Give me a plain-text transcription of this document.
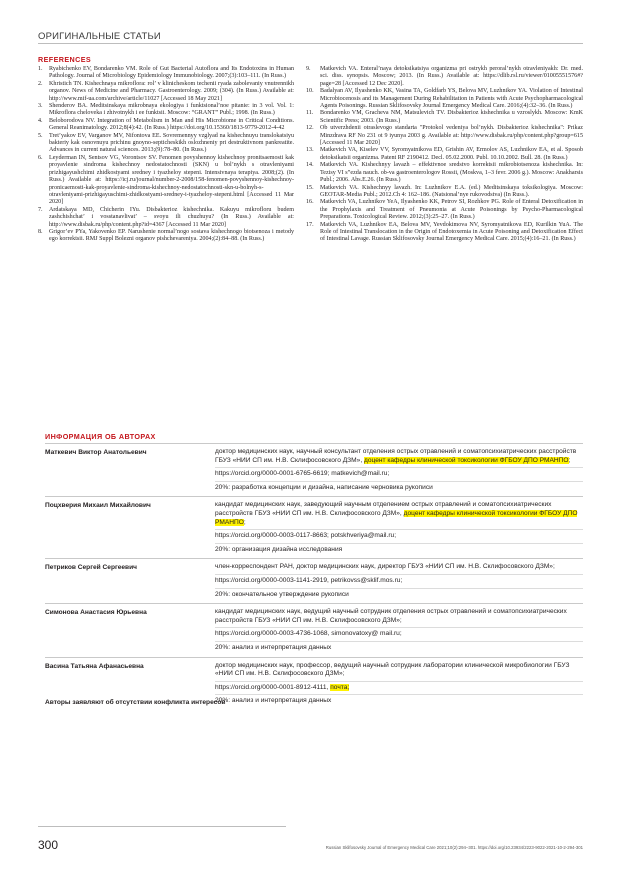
ОРИГИНАЛЬНЫЕ СТАТЬИ
REFERENCES
1.	Ryabichenko EV, Bondarenko VM. Role of Gut Bacterial Autoflora and Its Endotoxins in Human Pathology. Journal of Microbiology Epidemiology Immunobiology. 2007;(3):103–111. (In Russ.)
2.	Khristich TN. Kishechnaya mikroflora: rol’ v klinicheskom techenii ryada zabolevaniy vnutrennikh organov. News of Medicine and Pharmacy. Gastroenterology. 2009; (304). (In Russ.) Available at: http://www.mif-ua.com/archive/article/11027 [Accessed 18 May 2021]
3.	Shenderov BA. Meditsinskaya mikrobnaya ekologiya i funktsional’noe pitanie: in 3 vol. Vol. 1: Mikroflora cheloveka i zhivotnykh i ee funktsii. Moscow: “GRANT” Publ.; 1998. (In Russ.)
4.	Beloborodova NV. Integration of Metabolism in Man and His Microbiome in Critical Conditions. General Reanimatology. 2012;8(4):42. (In Russ.) https://doi.org/10.15360/1813-9779-2012-4-42
5.	Tret’yakov EV, Varganov MV, Nifontova EE. Sovremennyy vzglyad na kishechnuyu translokatsiyu bakteriy kak osnovnuyu prichinu gnoyno-septicheskikh oslozhneniy pri destruktivnom pankreatite. Advances in current natural sciences. 2013;(9):78–80. (In Russ.)
6.	Leyderman IN, Sentsov VG, Vorontsov SV. Fenomen povyshennoy kishechnoy pronitsaemosti kak proyavlenie sindroma kishechnoy nedostatochnosti (SKN) u bol’nykh s otravleniyami prizhigayushchimi zhidkostyami sredney i tyazheloy stepeni. Intensivnaya terapiya. 2008;(2). (In Russ.) Available at: https://icj.ru/journal/number-2-2008/158-fenomen-povyshennoy-kishechnoy-pronicaemosti-kak-proyavlenie-sindroma-kishechnoy-nedostatochnosti-skn-u-bolnyh-s-otravleniyami-prizhigayuschimi-zhidkostyami-sredney-i-tyazheloy-stepeni.html [Accessed 11 Mar 2020]
7.	Ardatskaya MD, Chicherin IYu. Disbakterioz kishechnika. Kakuyu mikrofloru budem zashchishchat’ i vosstanavlivat’ – svoyu ili chuzhuyu? (In Russ.) Available at: http://www.disbak.ru/php/content.php?id=4367 [Accessed 11 Mar 2020]
8.	Grigor’ev PYa, Yakovenko EP. Narushenie normal’nogo sostava kishechnogo biotsenoza i metody ego korrektsii. RMJ Suppl Bolezni organov pishchevareniya. 2004;(2):84–88. (In Russ.)
9.	Matkevich VA. Enteral’naya detoksikatsiya organizma pri ostrykh peroral’nykh otravleniyakh: Dr. med. sci. diss. synopsis. Moscow; 2013. (In Russ.) Available at: https://dlib.rsl.ru/viewer/01005551576#?page=28 [Accessed 12 Dec 2020].
10.	Badalyan AV, Ilyashenko KK, Vasina TA, Goldfarb YS, Belova MV, Luzhnikov YA. Violation of Intestinal Microbiocenosis and its Management During Rehabilitation in Patients with Acute Psychopharmacological Agents Poisonings. Russian Sklifosovsky Journal Emergency Medical Care. 2016;(4):32–36. (In Russ.)
11.	Bondarenko VM, Gracheva NM, Matsulevich TV. Disbakterioz kishechnika u vzroslykh. Moscow: KmK Scientific Press; 2003. (In Russ.)
12.	Ob utverzhdenii otraslevogo standarta "Protokol vedeniya bol’nykh. Disbakterioz kishechnika": Prikaz Minzdrava RF No 231 ot 9 iyunya 2003 g. Available at: http://www.disbak.ru/php/content.php?group=615 [Accessed 11 Mar 2020]
13.	Matkevich VA, Kiselev VV, Syromyatnikova ED, Grishin AV, Ermolov AS, Luzhnikov EA, et al. Sposob detoksikatsii organizma. Patent RF 2190412. Decl. 05.02.2000. Publ. 10.10.2002. Bull. 28. (In Russ.)
14.	Matkevich VA. Kishechnyy lavazh – effektivnoe sredstvo korrektsii mikrobiotsenoza kishechnika. In: Tezisy VI s”ezda nauch. ob-va gastroenterologov Rossii, (Moskva, 1–3 fevr. 2006 g.). Moscow: Anakharsis Publ.; 2006. Abs.E.26. (In Russ.)
15.	Matkevich VA. Kishechnyy lavazh. In: Luzhnikov E.A. (ed.) Meditsinskaya toksikologiya. Moscow: GEOTAR-Media Publ.; 2012.Ch 4: 162–186. (Natsional’nye rukovodstva) (In Russ.).
16.	Matkevich VA, Luzhnikov YeA, Ilyashenko KK, Petrov SI, Rozhkov PG. Role of Enteral Detoxification in the Prophylaxis and Treatment of Pneumonia at Acute Poisonings by Psycho-Pharmacological Preparations. Toxicological Review. 2012;(3):25–27. (In Russ.)
17.	Matkevich VA, Luzhnikov EA, Belova MV, Yevdokimova NV, Syromyatnikova ED, Kurilkin YuA. The Role of Intestinal Translocation in the Origin of Endotoxemia in Acute Poisoning and Detoxification Effect of Intestinal Lavage. Russian Sklifosovsky Journal Emergency Medical Care. 2015;(4):16–21. (In Russ.)
ИНФОРМАЦИЯ ОБ АВТОРАХ
Маткевич Виктор Анатольевич	доктор медицинских наук, научный консультант отделения острых отравлений и соматопсихиатрических расстройств ГБУЗ «НИИ СП им. Н.В. Склифосовского ДЗМ», доцент кафедры клинической токсикологии ФГБОУ ДПО РМАНПО;
https://orcid.org/0000-0001-6765-6619; matkevich@mail.ru;
20%: разработка концепции и дизайна, написание черновика рукописи
Поцхверия Михаил Михайлович	кандидат медицинских наук, заведующий научным отделением острых отравлений и соматопсихиатрических расстройств ГБУЗ «НИИ СП им. Н.В. Склифосовского ДЗМ», доцент кафедры клинической токсикологии ФГБОУ ДПО РМАНПО;
https://orcid.org/0000-0003-0117-8663; potskhveriya@mail.ru;
20%: организация дизайна исследования
Петриков Сергей Сергеевич	член-корреспондент РАН, доктор медицинских наук, директор ГБУЗ «НИИ СП им. Н.В. Склифосовского ДЗМ»;
https://orcid.org/0000-0003-1141-2919, petrikovss@sklif.mos.ru;
20%: окончательное утверждение рукописи
Симонова Анастасия Юрьевна	кандидат медицинских наук, ведущий научный сотрудник отделения острых отравлений и соматопсихиатрических расстройств ГБУЗ «НИИ СП им. Н.В. Склифосовского ДЗМ»;
https://orcid.org/0000-0003-4736-1068, simonovatoxy@ mail.ru;
20%: анализ и интерпретация данных
Васина Татьяна Афанасьевна	доктор медицинских наук, профессор, ведущий научный сотрудник лаборатории клинической микробиологии ГБУЗ «НИИ СП им. Н.В. Склифосовского ДЗМ»;
https://orcid.org/0000-0001-8912-4111, почта;
20%: анализ и интерпретация данных
Авторы заявляют об отсутствии конфликта интересов
300	Russian Sklifosovsky Journal of Emergency Medical Care 2021;10(2):294–301. https://doi.org/10.23934/2223-9022-2021-10-2-294-301
